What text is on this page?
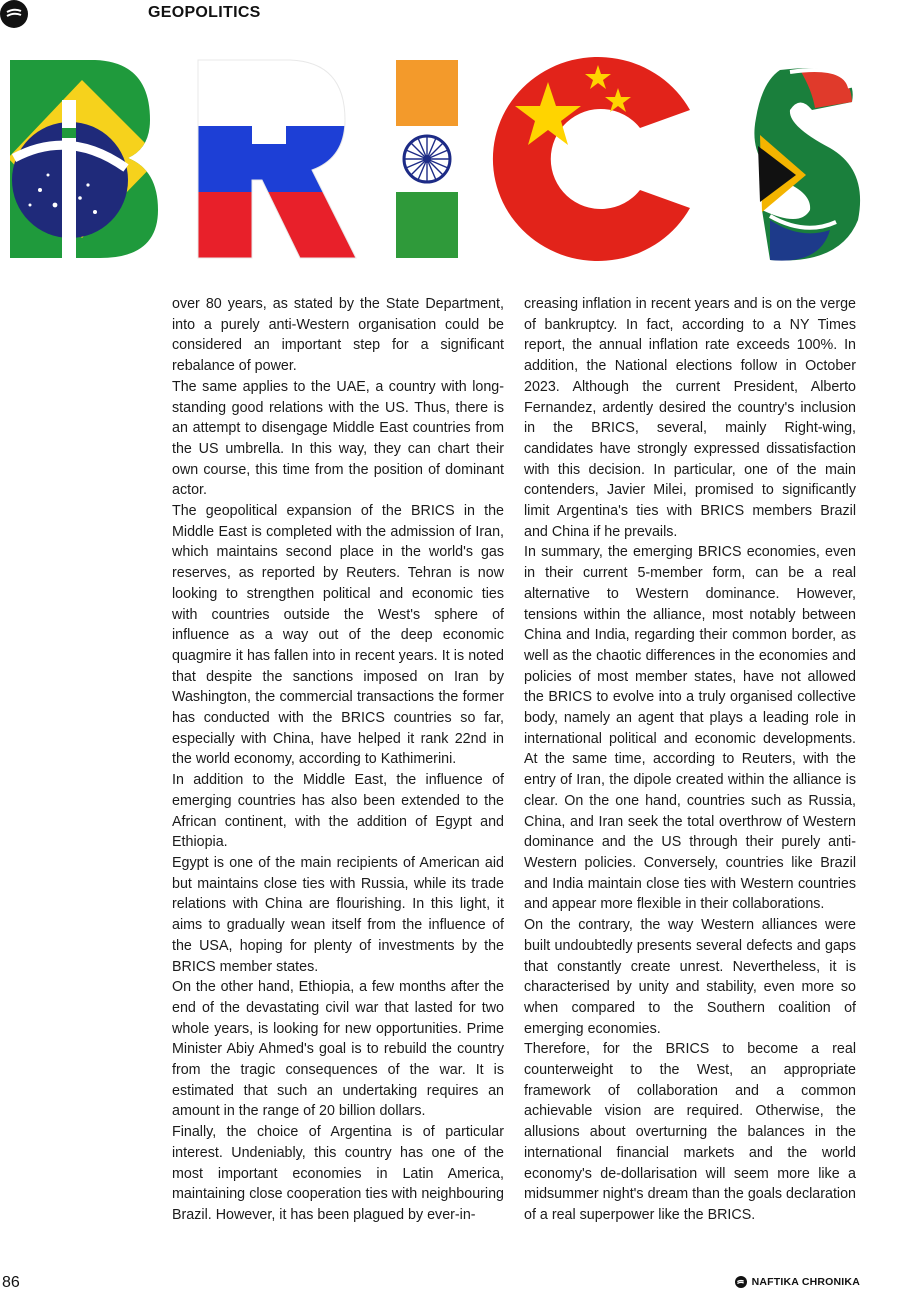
GEOPOLITICS

over 80 years, as stated by the State Department, into a purely anti-Western organisation could be considered an important step for a significant rebalance of power.

The same applies to the UAE, a country with long-standing good relations with the US. Thus, there is an attempt to disengage Middle East countries from the US umbrella. In this way, they can chart their own course, this time from the position of dominant actor.

The geopolitical expansion of the BRICS in the Middle East is completed with the admission of Iran, which maintains second place in the world's gas reserves, as reported by Reuters. Tehran is now looking to strengthen political and economic ties with countries outside the West's sphere of influence as a way out of the deep economic quagmire it has fallen into in recent years. It is noted that despite the sanctions imposed on Iran by Washington, the commercial transactions the former has conducted with the BRICS countries so far, especially with China, have helped it rank 22nd in the world economy, according to Kathimerini.

In addition to the Middle East, the influence of emerging countries has also been extended to the African continent, with the addition of Egypt and Ethiopia.

Egypt is one of the main recipients of American aid but maintains close ties with Russia, while its trade relations with China are flourishing. In this light, it aims to gradually wean itself from the influence of the USA, hoping for plenty of investments by the BRICS member states.

On the other hand, Ethiopia, a few months after the end of the devastating civil war that lasted for two whole years, is looking for new opportunities. Prime Minister Abiy Ahmed's goal is to rebuild the country from the tragic consequences of the war. It is estimated that such an undertaking requires an amount in the range of 20 billion dollars.

Finally, the choice of Argentina is of particular interest. Undeniably, this country has one of the most important economies in Latin America, maintaining close cooperation ties with neighbouring Brazil. However, it has been plagued by ever-in-

creasing inflation in recent years and is on the verge of bankruptcy. In fact, according to a NY Times report, the annual inflation rate exceeds 100%. In addition, the National elections follow in October 2023. Although the current President, Alberto Fernandez, ardently desired the country's inclusion in the BRICS, several, mainly Right-wing, candidates have strongly expressed dissatisfaction with this decision. In particular, one of the main contenders, Javier Milei, promised to significantly limit Argentina's ties with BRICS members Brazil and China if he prevails.

In summary, the emerging BRICS economies, even in their current 5-member form, can be a real alternative to Western dominance. However, tensions within the alliance, most notably between China and India, regarding their common border, as well as the chaotic differences in the economies and policies of most member states, have not allowed the BRICS to evolve into a truly organised collective body, namely an agent that plays a leading role in international political and economic developments. At the same time, according to Reuters, with the entry of Iran, the dipole created within the alliance is clear. On the one hand, countries such as Russia, China, and Iran seek the total overthrow of Western dominance and the US through their purely anti-Western policies. Conversely, countries like Brazil and India maintain close ties with Western countries and appear more flexible in their collaborations.

On the contrary, the way Western alliances were built undoubtedly presents several defects and gaps that constantly create unrest. Nevertheless, it is characterised by unity and stability, even more so when compared to the Southern coalition of emerging economies.

Therefore, for the BRICS to become a real counterweight to the West, an appropriate framework of collaboration and a common achievable vision are required. Otherwise, the allusions about overturning the balances in the international financial markets and the world economy's de-dollarisation will seem more like a midsummer night's dream than the goals declaration of a real superpower like the BRICS.

86	NAFTIKA CHRONIKA
